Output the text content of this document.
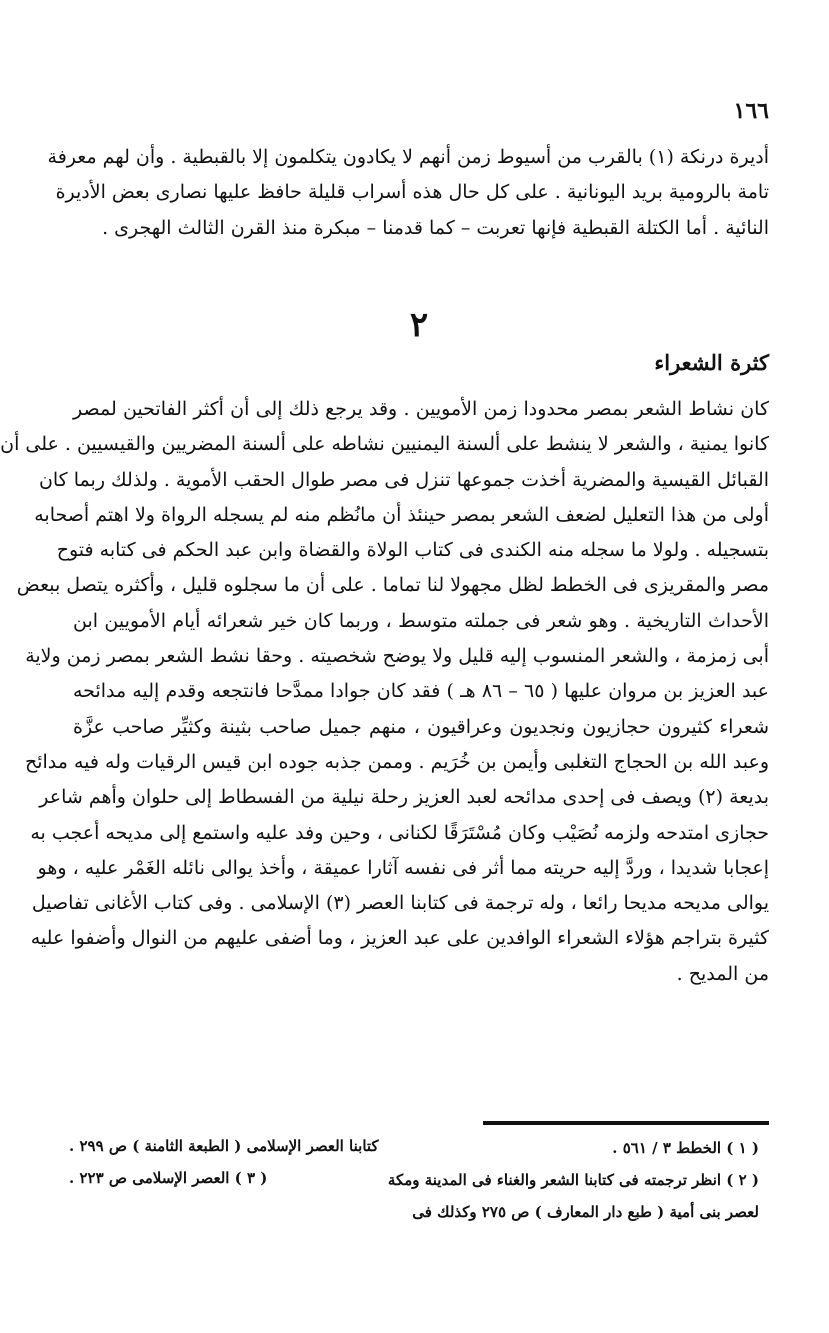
١٦٦
أديرة درنكة (١) بالقرب من أسيوط زمن أنهم لا يكادون يتكلمون إلا بالقبطية . وأن لهم معرفة
تامة بالرومية بريد اليونانية . على كل حال هذه أسراب قليلة حافظ عليها نصارى بعض الأديرة
النائية . أما الكتلة القبطية فإنها تعربت – كما قدمنا – مبكرة منذ القرن الثالث الهجرى .
٢
كثرة الشعراء
كان نشاط الشعر بمصر محدودا زمن الأمويين . وقد يرجع ذلك إلى أن أكثر الفاتحين لمصر
كانوا يمنية ، والشعر لا ينشط على ألسنة اليمنيين نشاطه على ألسنة المضريين والقيسيين . على أن
القبائل القيسية والمضرية أخذت جموعها تنزل فى مصر طوال الحقب الأموية . ولذلك ربما كان
أولى من هذا التعليل لضعف الشعر بمصر حينئذ أن مانُظم منه لم يسجله الرواة ولا اهتم أصحابه
بتسجيله . ولولا ما سجله منه الكندى فى كتاب الولاة والقضاة وابن عبد الحكم فى كتابه فتوح
مصر والمقريزى فى الخطط لظل مجهولا لنا تماما . على أن ما سجلوه قليل ، وأكثره يتصل ببعض
الأحداث التاريخية . وهو شعر فى جملته متوسط ، وربما كان خير شعرائه أيام الأمويين ابن
أبى زمزمة ، والشعر المنسوب إليه قليل ولا يوضح شخصيته . وحقا نشط الشعر بمصر زمن ولاية
عبد العزيز بن مروان عليها ( ٦٥ – ٨٦ هـ ) فقد كان جوادا ممدَّحا فانتجعه وقدم إليه مدائحه
شعراء كثيرون حجازيون ونجديون وعراقيون ، منهم جميل صاحب بثينة وكثيِّر صاحب عزَّة
وعبد الله بن الحجاج التغلبى وأيمن بن خُرَيم . وممن جذبه جوده ابن قيس الرقيات وله فيه مدائح
بديعة (٢) ويصف فى إحدى مدائحه لعبد العزيز رحلة نيلية من الفسطاط إلى حلوان وأهم شاعر
حجازى امتدحه ولزمه نُصَيْب وكان مُسْتَرَقًا لكنانى ، وحين وفد عليه واستمع إلى مديحه أعجب به
إعجابا شديدا ، وردَّ إليه حريته مما أثر فى نفسه آثارا عميقة ، وأخذ يوالى نائله الغَمْر عليه ، وهو
يوالى مديحه مديحا رائعا ، وله ترجمة فى كتابنا العصر (٣) الإسلامى . وفى كتاب الأغانى تفاصيل
كثيرة بتراجم هؤلاء الشعراء الوافدين على عبد العزيز ، وما أضفى عليهم من النوال وأضفوا عليه
من المديح .
( ١ ) الخطط ٣ / ٥٦١ .
( ٢ ) انظر ترجمته فى كتابنا الشعر والغناء فى المدينة ومكة
لعصر بنى أمية ( طبع دار المعارف ) ص ٢٧٥ وكذلك فى
كتابنا العصر الإسلامى ( الطبعة الثامنة ) ص ٢٩٩ .
( ٣ ) العصر الإسلامى ص ٢٢٣ .
